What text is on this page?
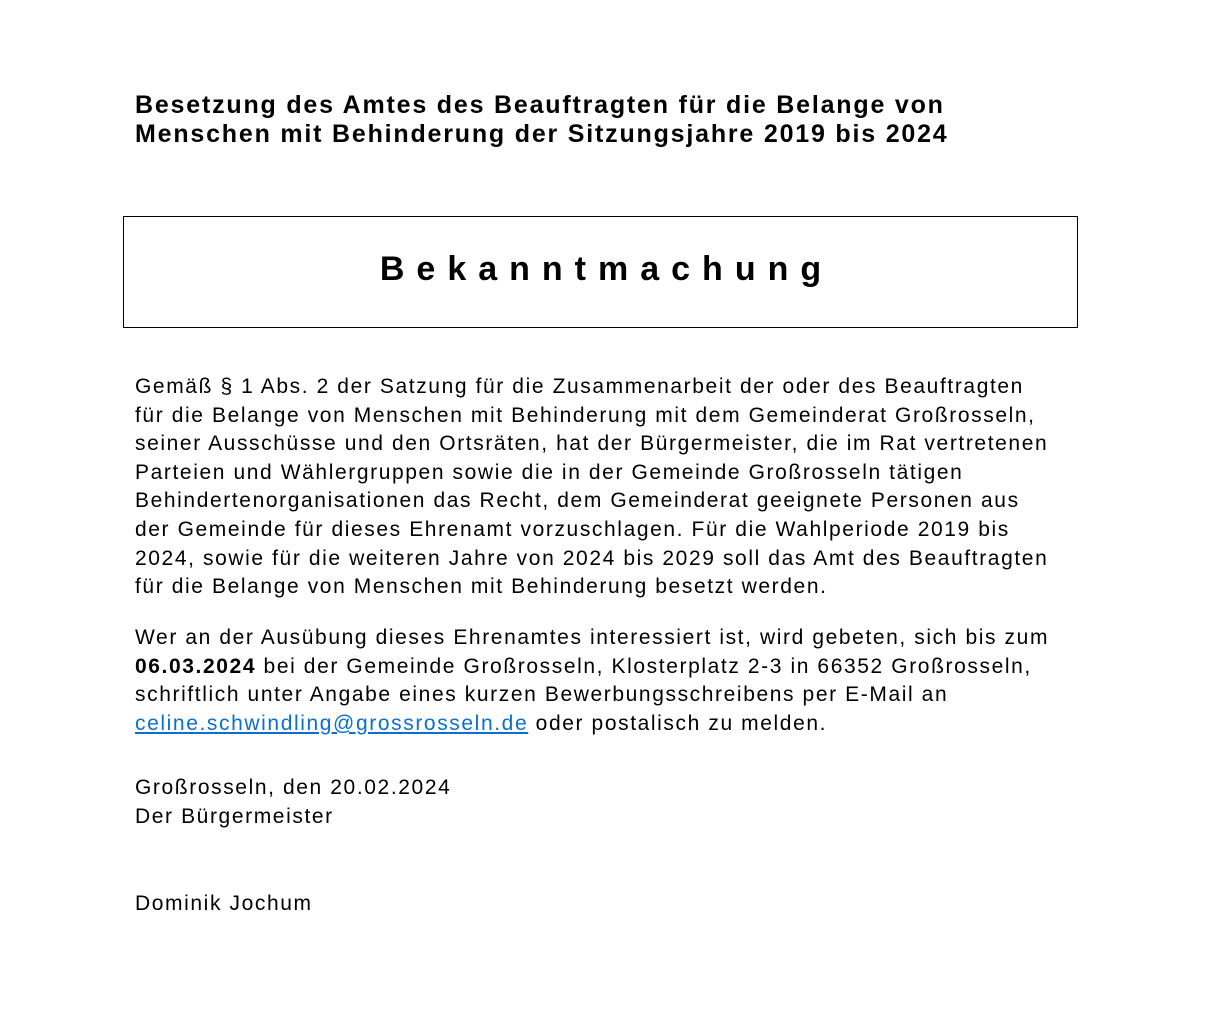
Besetzung des Amtes des Beauftragten für die Belange von Menschen mit Behinderung der Sitzungsjahre 2019 bis 2024
Bekanntmachung
Gemäß § 1 Abs. 2 der Satzung für die Zusammenarbeit der oder des Beauftragten für die Belange von Menschen mit Behinderung mit dem Gemeinderat Großrosseln, seiner Ausschüsse und den Ortsräten, hat der Bürgermeister, die im Rat vertretenen Parteien und Wählergruppen sowie die in der Gemeinde Großrosseln tätigen Behindertenorganisationen das Recht, dem Gemeinderat geeignete Personen aus der Gemeinde für dieses Ehrenamt vorzuschlagen. Für die Wahlperiode 2019 bis 2024, sowie für die weiteren Jahre von 2024 bis 2029 soll das Amt des Beauftragten für die Belange von Menschen mit Behinderung besetzt werden.
Wer an der Ausübung dieses Ehrenamtes interessiert ist, wird gebeten, sich bis zum 06.03.2024 bei der Gemeinde Großrosseln, Klosterplatz 2-3 in 66352 Großrosseln, schriftlich unter Angabe eines kurzen Bewerbungsschreibens per E-Mail an celine.schwindling@grossrosseln.de oder postalisch zu melden.
Großrosseln, den 20.02.2024
Der Bürgermeister
Dominik Jochum
